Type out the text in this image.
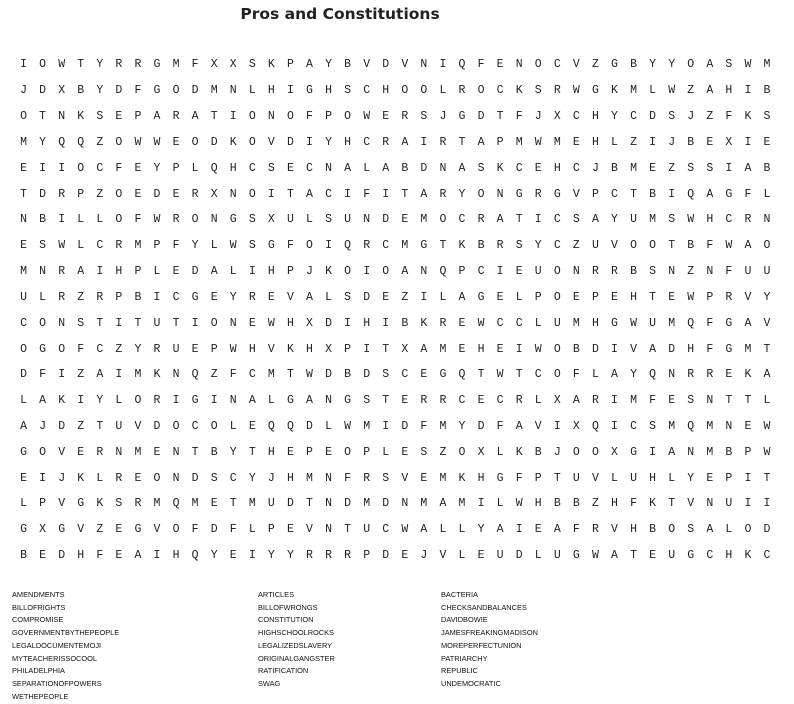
Pros and Constitutions
I	O	W	T	Y	R	R	G	M	F	X	X	S	K	P	A	Y	B	V	D	V	N	I	Q	F	E	N	O	C	V	Z	G	B	Y	Y	O	A	S	W	M
J	D	X	B	Y	D	F	G	O	D	M	N	L	H	I	G	H	S	C	H	O	O	L	R	O	C	K	S	R	W	G	K	M	L	W	Z	A	H	I	B
O	T	N	K	S	E	P	A	R	A	T	I	O	N	O	F	P	O	W	E	R	S	J	G	D	T	F	J	X	C	H	Y	C	D	S	J	Z	F	K	S
M	Y	Q	Q	Z	O	W	W	E	O	D	K	O	V	D	I	Y	H	C	R	A	I	R	T	A	P	M	W	M	E	H	L	Z	I	J	B	E	X	I	E
E	I	I	O	C	F	E	Y	P	L	Q	H	C	S	E	C	N	A	L	A	B	D	N	A	S	K	C	E	H	C	J	B	M	E	Z	S	S	I	A	B
T	D	R	P	Z	O	E	D	E	R	X	N	O	I	T	A	C	I	F	I	T	A	R	Y	O	N	G	R	G	V	P	C	T	B	I	Q	A	G	F	L
N	B	I	L	L	O	F	W	R	O	N	G	S	X	U	L	S	U	N	D	E	M	O	C	R	A	T	I	C	S	A	Y	U	M	S	W	H	C	R	N
E	S	W	L	C	R	M	P	F	Y	L	W	S	G	F	O	I	Q	R	C	M	G	T	K	B	R	S	Y	C	Z	U	V	O	O	T	B	F	W	A	O
M	N	R	A	I	H	P	L	E	D	A	L	I	H	P	J	K	O	I	O	A	N	Q	P	C	I	E	U	O	N	R	R	B	S	N	Z	N	F	U	U
U	L	R	Z	R	P	B	I	C	G	E	Y	R	E	V	A	L	S	D	E	Z	I	L	A	G	E	L	P	O	E	P	E	H	T	E	W	P	R	V	Y
C	O	N	S	T	I	T	U	T	I	O	N	E	W	H	X	D	I	H	I	B	K	R	E	W	C	C	L	U	M	H	G	W	U	M	Q	F	G	A	V
O	G	O	F	C	Z	Y	R	U	E	P	W	H	V	K	H	X	P	I	T	X	A	M	E	H	E	I	W	O	B	D	I	V	A	D	H	F	G	M	T
D	F	I	Z	A	I	M	K	N	Q	Z	F	C	M	T	W	D	B	D	S	C	E	G	Q	T	W	T	C	O	F	L	A	Y	Q	N	R	R	E	K	A
L	A	K	I	Y	L	O	R	I	G	I	N	A	L	G	A	N	G	S	T	E	R	R	C	E	C	R	L	X	A	R	I	M	F	E	S	N	T	T	L
A	J	D	Z	T	U	V	D	O	C	O	L	E	Q	Q	D	L	W	M	I	D	F	M	Y	D	F	A	V	I	X	Q	I	C	S	M	Q	M	N	E	W
G	O	V	E	R	N	M	E	N	T	B	Y	T	H	E	P	E	O	P	L	E	S	Z	O	X	L	K	B	J	O	O	X	G	I	A	N	M	B	P	W
E	I	J	K	L	R	E	O	N	D	S	C	Y	J	H	M	N	F	R	S	V	E	M	K	H	G	F	P	T	U	V	L	U	H	L	Y	E	P	I	T
L	P	V	G	K	S	R	M	Q	M	E	T	M	U	D	T	N	D	M	D	N	M	A	M	I	L	W	H	B	B	Z	H	F	K	T	V	N	U	I	I
G	X	G	V	Z	E	G	V	O	F	D	F	L	P	E	V	N	T	U	C	W	A	L	L	Y	A	I	E	A	F	R	V	H	B	O	S	A	L	O	D
B	E	D	H	F	E	A	I	H	Q	Y	E	I	Y	Y	R	R	R	P	D	E	J	V	L	E	U	D	L	U	G	W	A	T	E	U	G	C	H	K	C
AMENDMENTS
BILLOFRIGHTS
COMPROMISE
GOVERNMENTBYTHEPEOPLE
LEGALDOCUMENTEMOJI
MYTEACHERISSOCOOL
PHILADELPHIA
SEPARATIONOFPOWERS
WETHEPEOPLE
ARTICLES
BILLOFWRONGS
CONSTITUTION
HIGHSCHOOLROCKS
LEGALIZEDSLAVERY
ORIGINALGANGSTER
RATIFICATION
SWAG
BACTERIA
CHECKSANDBALANCES
DAVIDBOWIE
JAMESFREAKINGMADISON
MOREPERFECTUNION
PATRIARCHY
REPUBLIC
UNDEMOCRATIC
